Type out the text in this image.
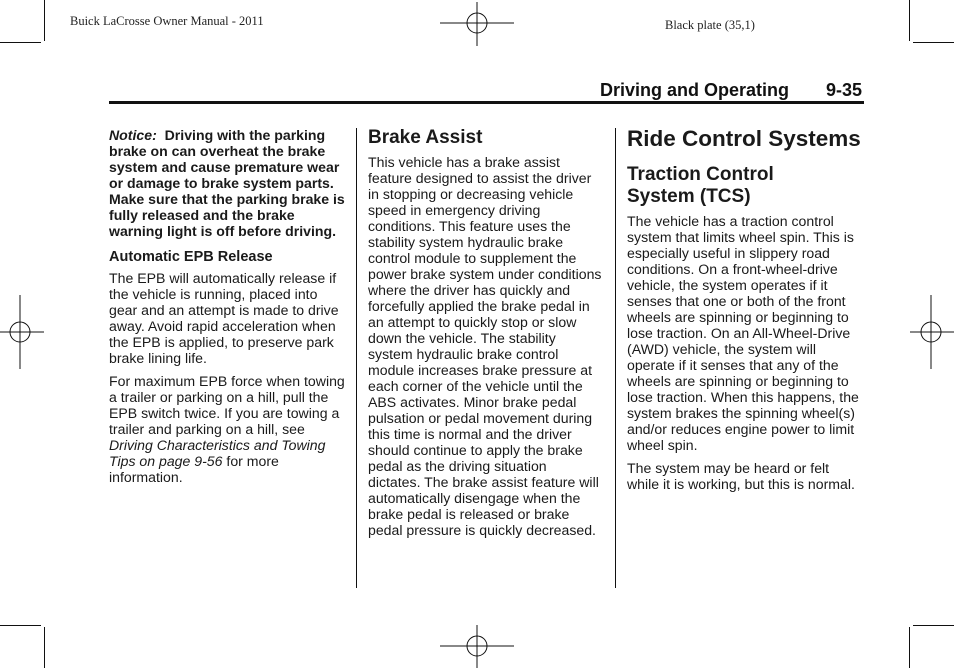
Buick LaCrosse Owner Manual - 2011	Black plate (35,1)
Driving and Operating 9-35

Notice: Driving with the parking brake on can overheat the brake system and cause premature wear or damage to brake system parts. Make sure that the parking brake is fully released and the brake warning light is off before driving.

Automatic EPB Release

The EPB will automatically release if the vehicle is running, placed into gear and an attempt is made to drive away. Avoid rapid acceleration when the EPB is applied, to preserve park brake lining life.

For maximum EPB force when towing a trailer or parking on a hill, pull the EPB switch twice. If you are towing a trailer and parking on a hill, see Driving Characteristics and Towing Tips on page 9-56 for more information.

Brake Assist

This vehicle has a brake assist feature designed to assist the driver in stopping or decreasing vehicle speed in emergency driving conditions. This feature uses the stability system hydraulic brake control module to supplement the power brake system under conditions where the driver has quickly and forcefully applied the brake pedal in an attempt to quickly stop or slow down the vehicle. The stability system hydraulic brake control module increases brake pressure at each corner of the vehicle until the ABS activates. Minor brake pedal pulsation or pedal movement during this time is normal and the driver should continue to apply the brake pedal as the driving situation dictates. The brake assist feature will automatically disengage when the brake pedal is released or brake pedal pressure is quickly decreased.

Ride Control Systems
Traction Control System (TCS)

The vehicle has a traction control system that limits wheel spin. This is especially useful in slippery road conditions. On a front-wheel-drive vehicle, the system operates if it senses that one or both of the front wheels are spinning or beginning to lose traction. On an All-Wheel-Drive (AWD) vehicle, the system will operate if it senses that any of the wheels are spinning or beginning to lose traction. When this happens, the system brakes the spinning wheel(s) and/or reduces engine power to limit wheel spin.

The system may be heard or felt while it is working, but this is normal.
